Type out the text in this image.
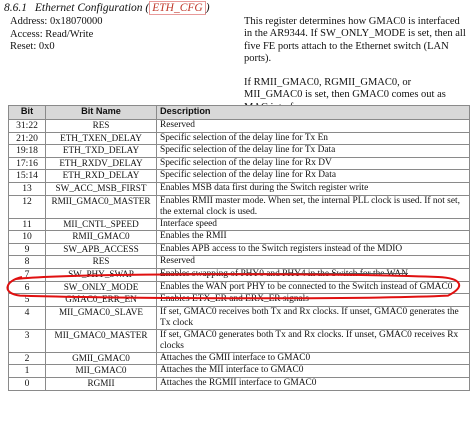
8.6.1 Ethernet Configuration ( ETH_CFG )
Address: 0x18070000
Access: Read/Write
Reset: 0x0

This register determines how GMAC0 is interfaced in the AR9344. If SW_ONLY_MODE is set, then all five FE ports attach to the Ethernet switch (LAN ports).

If RMII_GMAC0, RGMII_GMAC0, or MII_GMAC0 is set, then GMAC0 comes out as

Bit	Bit Name	Description
31:22	RES	Reserved
21:20	ETH_TXEN_DELAY	Specific selection of the delay line for Tx En
19:18	ETH_TXD_DELAY	Specific selection of the delay line for Tx Data
17:16	ETH_RXDV_DELAY	Specific selection of the delay line for Rx DV
15:14	ETH_RXD_DELAY	Specific selection of the delay line for Rx Data
13	SW_ACC_MSB_FIRST	Enables MSB data first during the Switch register write
12	RMII_GMAC0_MASTER	Enables RMII master mode. When set, the internal PLL clock is used. If not set, the external clock is used.
11	MII_CNTL_SPEED	Interface speed
10	RMII_GMAC0	Enables the RMII
9	SW_APB_ACCESS	Enables APB access to the Switch registers instead of the MDIO
8	RES	Reserved
7	SW_PHY_SWAP	Enables swapping of PHY0 and PHY4 in the Switch for the WAN
6	SW_ONLY_MODE	Enables the WAN port PHY to be connected to the Switch instead of GMAC0
5	GMAC0_ERR_EN	Enables ETX_ER and ERX_ER signals
4	MII_GMAC0_SLAVE	If set, GMAC0 receives both Tx and Rx clocks. If unset, GMAC0 generates the Tx clock
3	MII_GMAC0_MASTER	If set, GMAC0 generates both Tx and Rx clocks. If unset, GMAC0 receives Rx clocks
2	GMII_GMAC0	Attaches the GMII interface to GMAC0
1	MII_GMAC0	Attaches the MII interface to GMAC0
0	RGMII	Attaches the RGMII interface to GMAC0
